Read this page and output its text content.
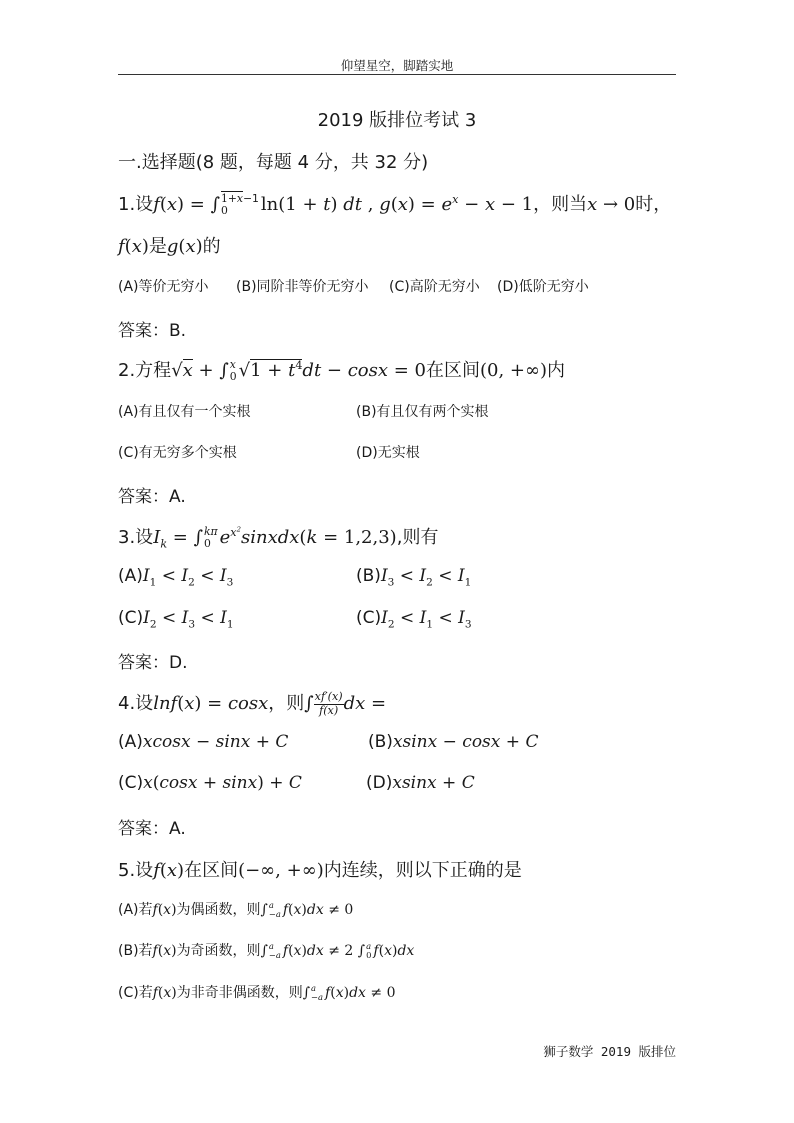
仰望星空，脚踏实地
2019 版排位考试 3
一.选择题(8 题，每题 4 分，共 32 分)
1.设f(x) = ∫ 1+x−1
0	ln(1 + t) dt , $g(x) = e^x - x - 1$，则当x → 0时，
f(x)是g(x)的
(A)等价无穷小 (B)同阶非等价无穷小 (C)高阶无穷小 (D)低阶无穷小
答案：B.
2.方程√x + ∫ x
0 $√1 + t^4dt - \cos x = 0$在区间(0, +∞)内
(A)有且仅有一个实根	(B)有且仅有两个实根
(C)有无穷多个实根	(D)无实根
答案：A.
3.设$I_k$ = ∫ kπ
0 $e^{x^2}sinxdx(k = 1,2,3)$,则有
$(A)I_1 < I_2 < I_3$	$(B)I_3 < I_2 < I_1$
$(C)I_2 < I_3 < I_1$	$(C)I_2 < I_1 < I_3$
答案：D.
4.设lnf(x) = cosx，则∫ $\frac{xf'(x)}{f(x)}$ dx =
(A)xcosx − sinx + C	(B)xsinx − cosx + C
(C)x(cosx + sinx) + C	(D)xsinx + C
答案：A.
5.设f(x)在区间(−∞, +∞)内连续，则以下正确的是
(A)若f(x)为偶函数，则∫ a
−a f(x)dx ≠ 0
(B)若f(x)为奇函数，则∫ a
−a f(x)dx ≠ 2 ∫ a
0 f(x)dx
(C)若f(x)为非奇非偶函数，则∫ a
−a f(x)dx ≠ 0
狮子数学 2019 版排位
